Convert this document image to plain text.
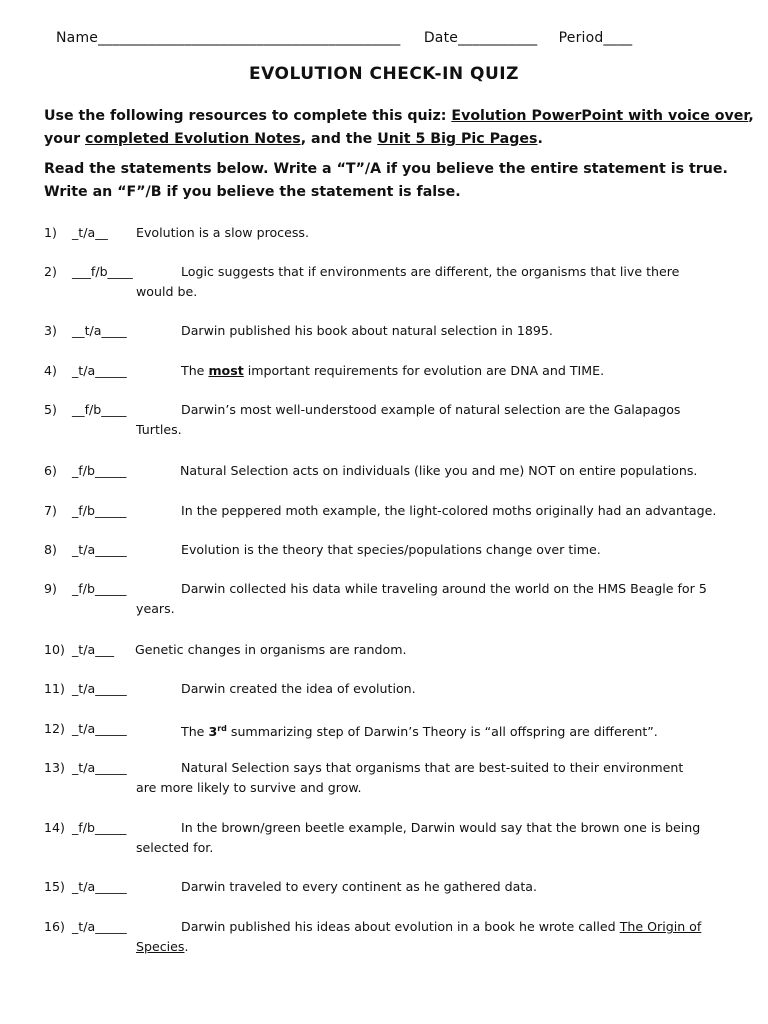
Name__________________________________________ Date___________ Period____
EVOLUTION CHECK-IN QUIZ
Use the following resources to complete this quiz: Evolution PowerPoint with voice over,
your completed Evolution Notes, and the Unit 5 Big Pic Pages.
Read the statements below. Write a “T”/A if you believe the entire statement is true.
Write an “F”/B if you believe the statement is false.
1) _t/a__ Evolution is a slow process.
2) ___f/b____	Logic suggests that if environments are different, the organisms that live there
would be.
3) __t/a____	Darwin published his book about natural selection in 1895.
4) _t/a_____	The most important requirements for evolution are DNA and TIME.
5) __f/b____	Darwin’s most well-understood example of natural selection are the Galapagos
Turtles.
6) _f/b_____	Natural Selection acts on individuals (like you and me) NOT on entire populations.
7) _f/b_____	In the peppered moth example, the light-colored moths originally had an advantage.
8) _t/a_____	Evolution is the theory that species/populations change over time.
9) _f/b_____	Darwin collected his data while traveling around the world on the HMS Beagle for 5
years.
10) _t/a___ Genetic changes in organisms are random.
11) _t/a_____	Darwin created the idea of evolution.
12) _t/a_____	The 3rd summarizing step of Darwin’s Theory is “all offspring are different”.
13) _t/a_____	Natural Selection says that organisms that are best-suited to their environment
are more likely to survive and grow.
14) _f/b_____	In the brown/green beetle example, Darwin would say that the brown one is being
selected for.
15) _t/a_____	Darwin traveled to every continent as he gathered data.
16) _t/a_____	Darwin published his ideas about evolution in a book he wrote called The Origin of
Species.
